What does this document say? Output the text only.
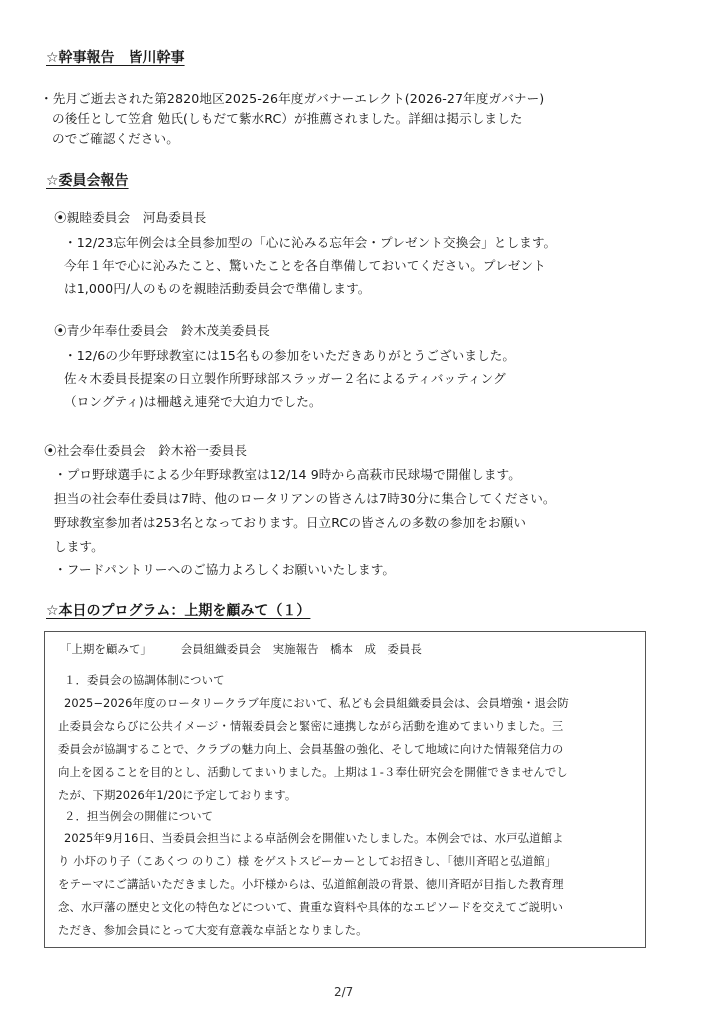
☆幹事報告　皆川幹事
・先月ご逝去された第2820地区2025-26年度ガバナーエレクト(2026-27年度ガバナー)
の後任として笠倉 勉氏(しもだて紫水RC）が推薦されました。詳細は掲示しました
のでご確認ください。
☆委員会報告
⦿親睦委員会　河島委員長
・12/23忘年例会は全員参加型の「心に沁みる忘年会・プレゼント交換会」とします。
今年１年で心に沁みたこと、驚いたことを各自準備しておいてください。プレゼント
は1,000円/人のものを親睦活動委員会で準備します。
⦿青少年奉仕委員会　鈴木茂美委員長
・12/6の少年野球教室には15名もの参加をいただきありがとうございました。
佐々木委員長提案の日立製作所野球部スラッガー２名によるティバッティング
（ロングティ)は柵越え連発で大迫力でした。
⦿社会奉仕委員会　鈴木裕一委員長
・プロ野球選手による少年野球教室は12/14 9時から高萩市民球場で開催します。
担当の社会奉仕委員は7時、他のロータリアンの皆さんは7時30分に集合してください。
野球教室参加者は253名となっております。日立RCの皆さんの多数の参加をお願い
します。
・フードパントリーへのご協力よろしくお願いいたします。
☆本日のプログラム：上期を顧みて（１）
「上期を顧みて」　　　会員組織委員会　実施報告　橋本　成　委員長
１．委員会の協調体制について
2025−2026年度のロータリークラブ年度において、私ども会員組織委員会は、会員増強・退会防
止委員会ならびに公共イメージ・情報委員会と緊密に連携しながら活動を進めてまいりました。三
委員会が協調することで、クラブの魅力向上、会員基盤の強化、そして地域に向けた情報発信力の
向上を図ることを目的とし、活動してまいりました。上期は１-３奉仕研究会を開催できませんでし
たが、下期2026年1/20に予定しております。
２．担当例会の開催について
2025年9月16日、当委員会担当による卓話例会を開催いたしました。本例会では、水戸弘道館よ
り 小圷のり子（こあくつ のりこ）様 をゲストスピーカーとしてお招きし、「徳川斉昭と弘道館」
をテーマにご講話いただきました。小圷様からは、弘道館創設の背景、徳川斉昭が目指した教育理
念、水戸藩の歴史と文化の特色などについて、貴重な資料や具体的なエピソードを交えてご説明い
ただき、参加会員にとって大変有意義な卓話となりました。
2/7
